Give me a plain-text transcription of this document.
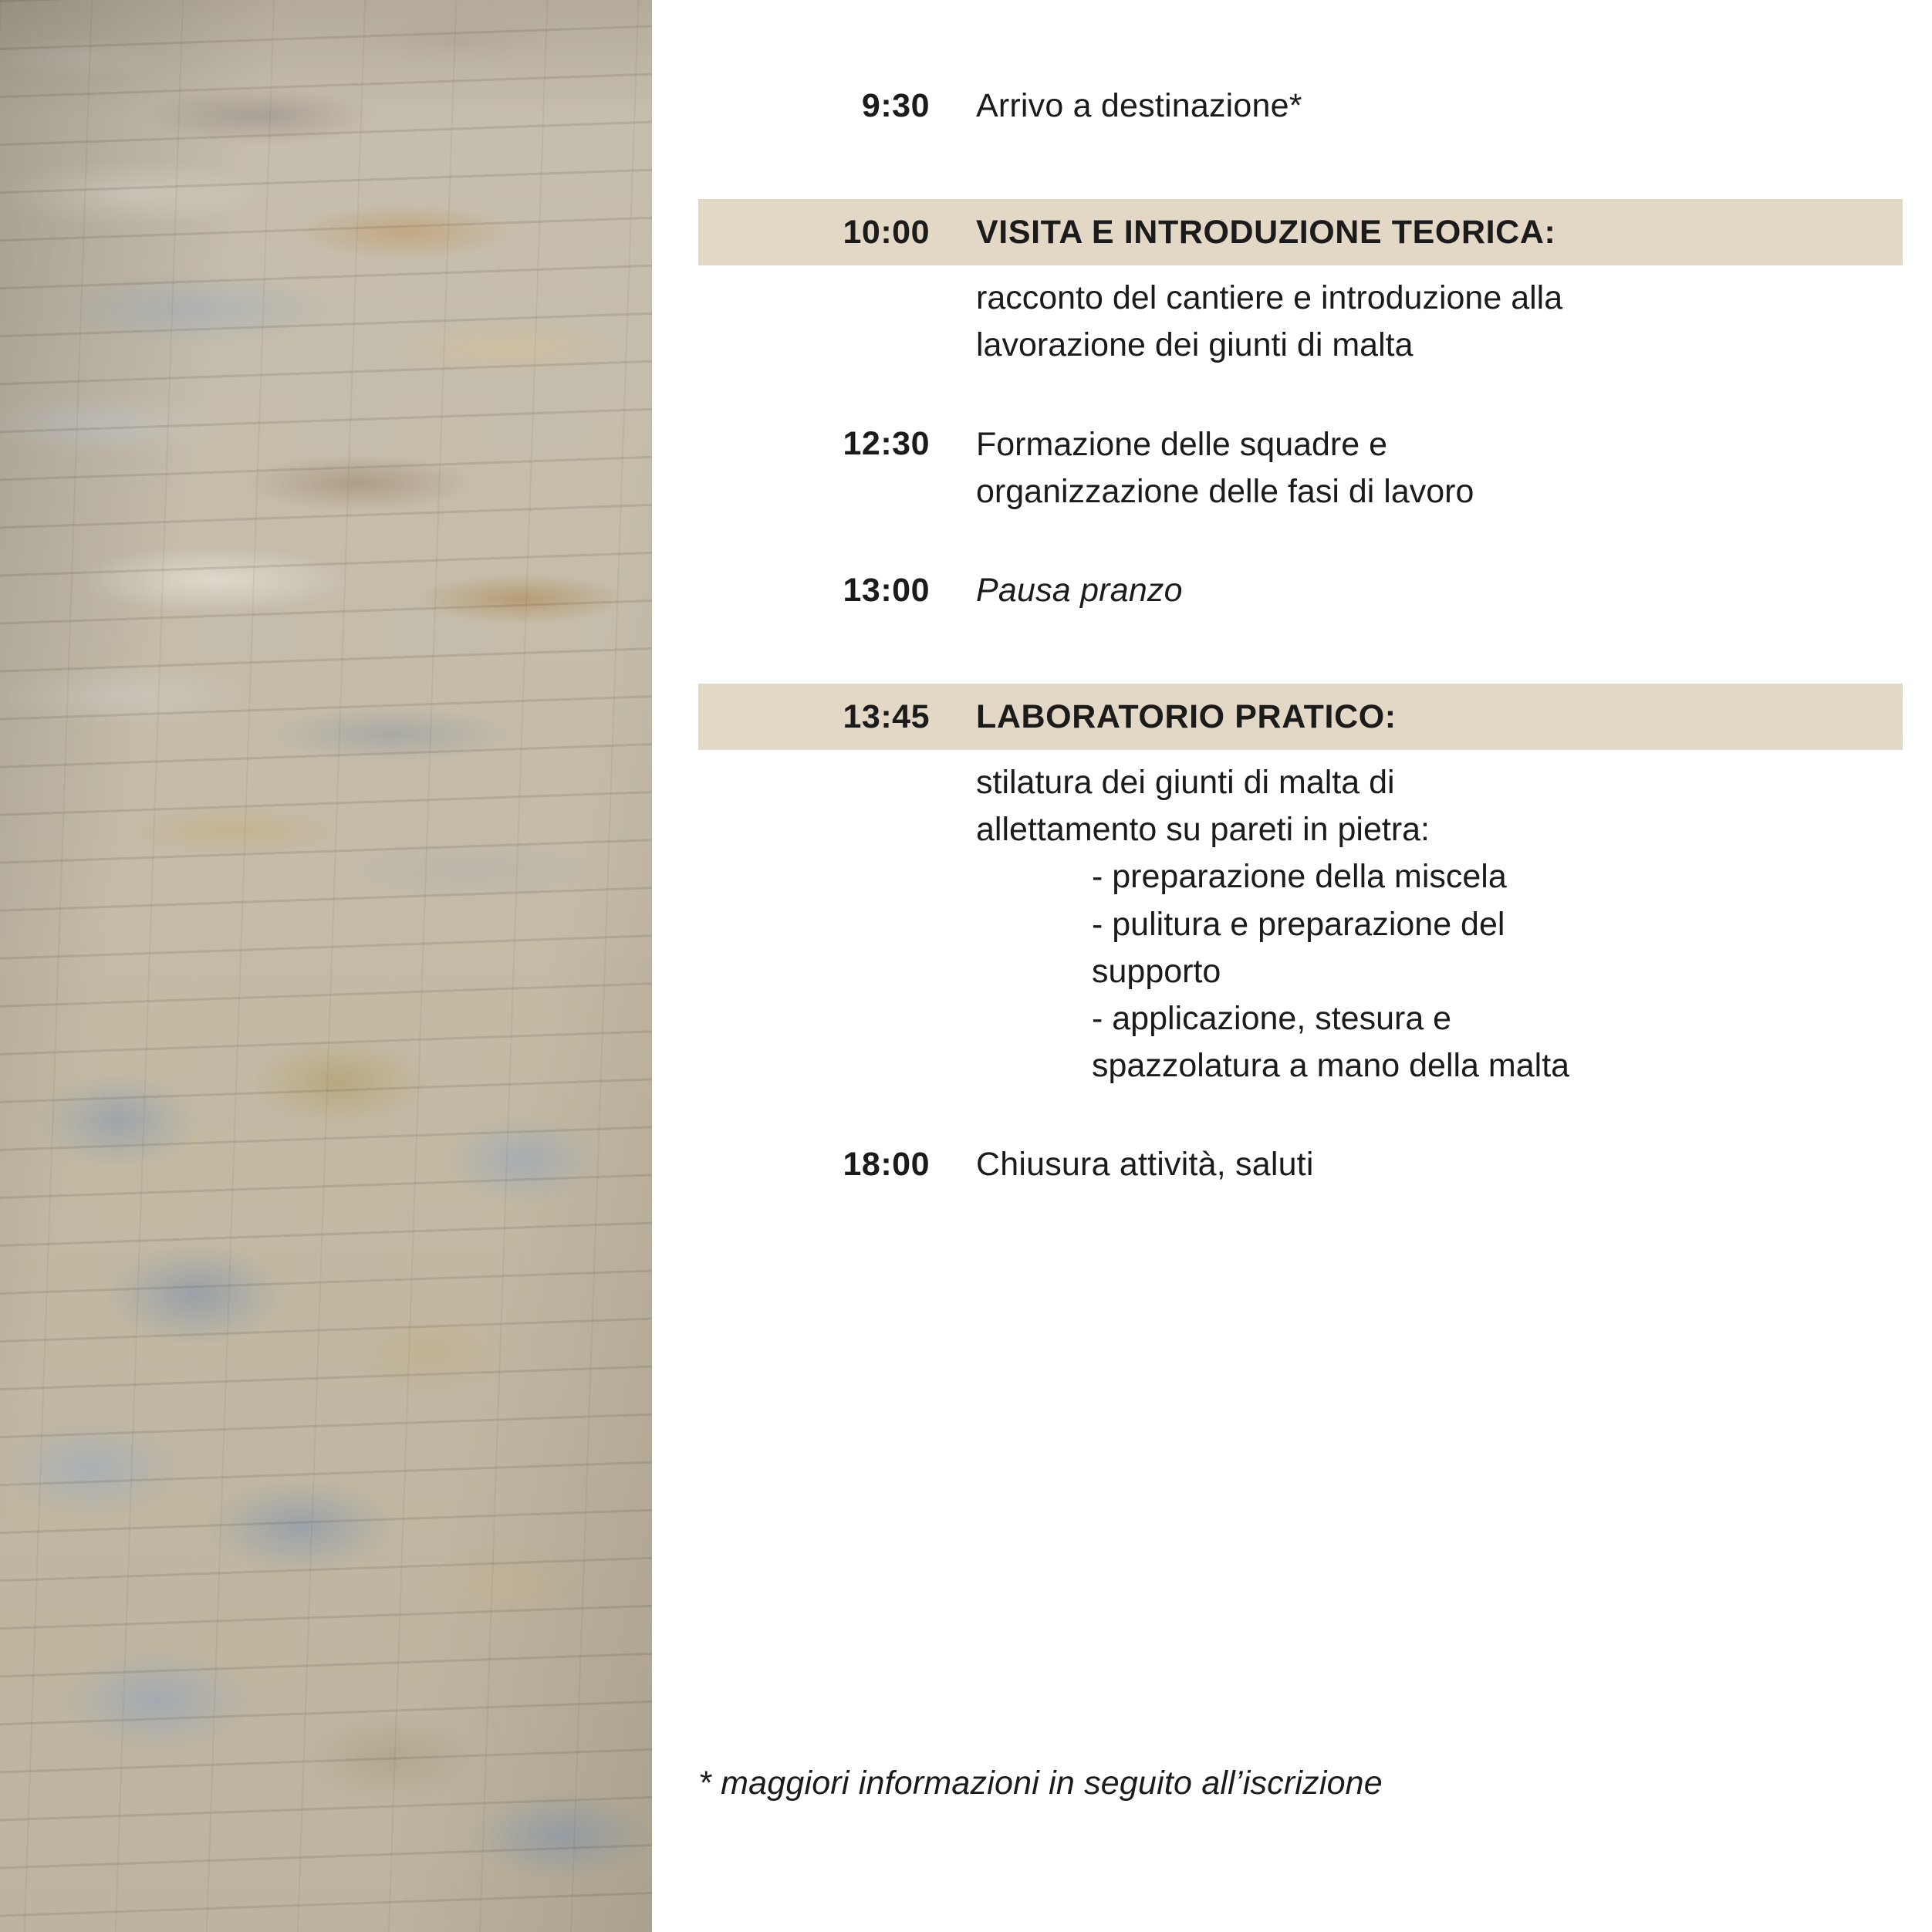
9:30	Arrivo a destinazione*
10:00	VISITA E INTRODUZIONE TEORICA:
racconto del cantiere e introduzione alla
lavorazione dei giunti di malta
12:30	Formazione delle squadre e
organizzazione delle fasi di lavoro
13:00	Pausa pranzo
13:45	LABORATORIO PRATICO:
stilatura dei giunti di malta di
allettamento su pareti in pietra:
- preparazione della miscela
- pulitura e preparazione del
supporto
- applicazione, stesura e
spazzolatura a mano della malta
18:00	Chiusura attività, saluti
* maggiori informazioni in seguito all’iscrizione
